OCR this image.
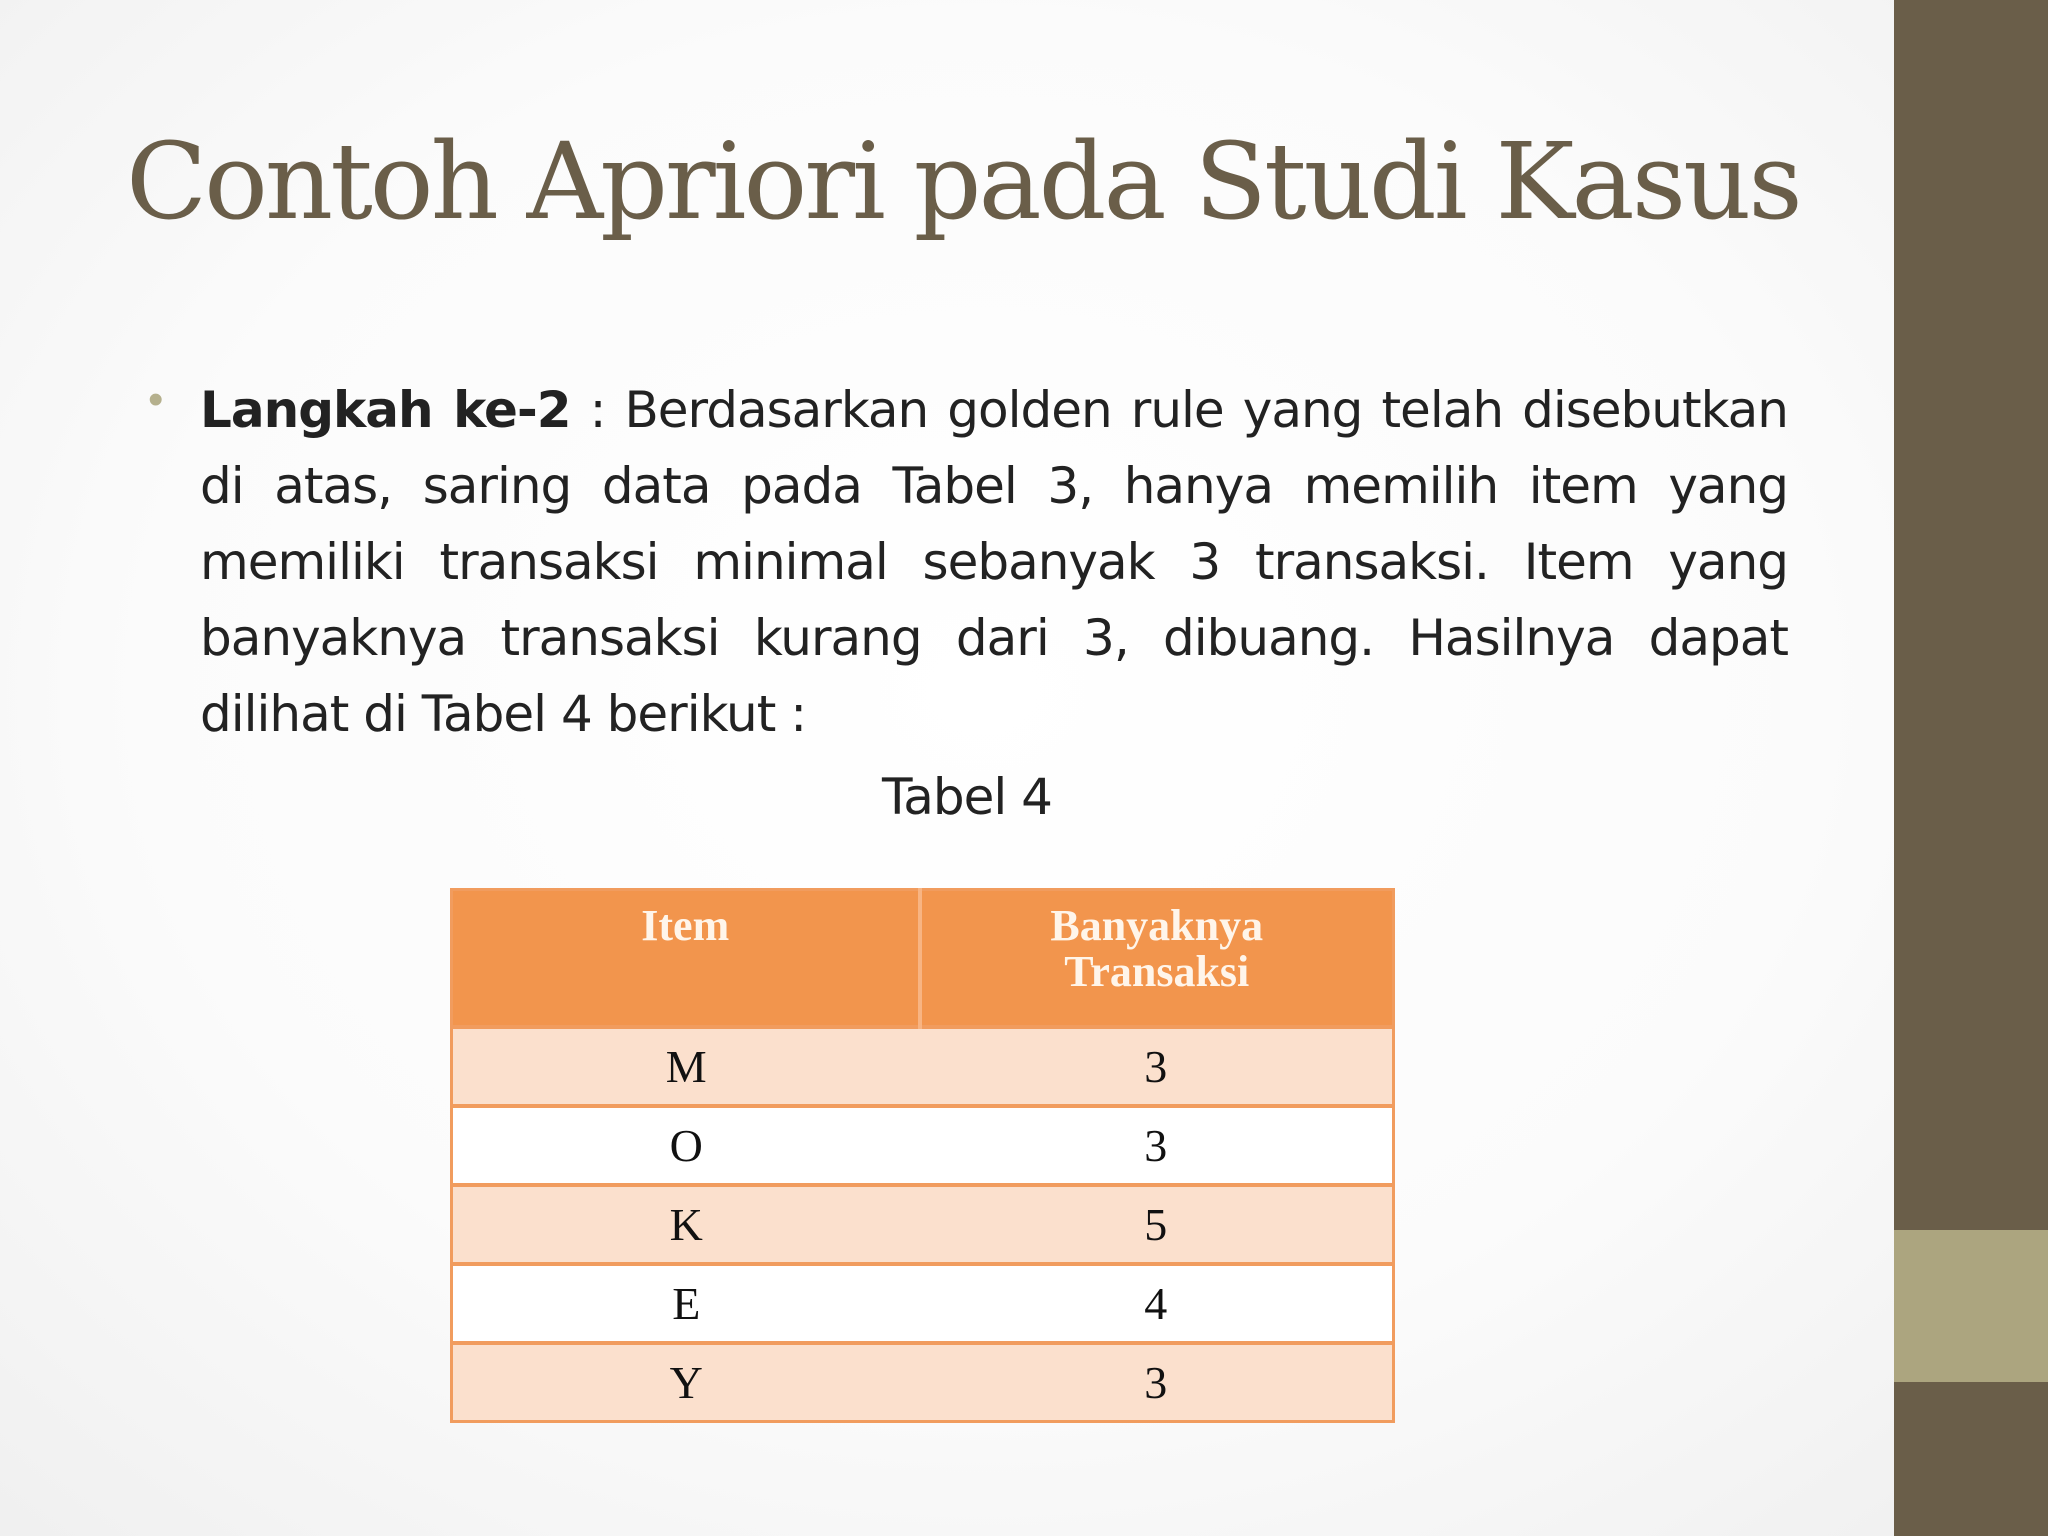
Contoh Apriori pada Studi Kasus
• Langkah ke-2 : Berdasarkan golden rule yang telah disebutkan di atas, saring data pada Tabel 3, hanya memilih item yang memiliki transaksi minimal sebanyak 3 transaksi. Item yang banyaknya transaksi kurang dari 3, dibuang. Hasilnya dapat dilihat di Tabel 4 berikut :

Tabel 4
Item	Banyaknya
Transaksi
M	3
O	3
K	5
E	4
Y	3
